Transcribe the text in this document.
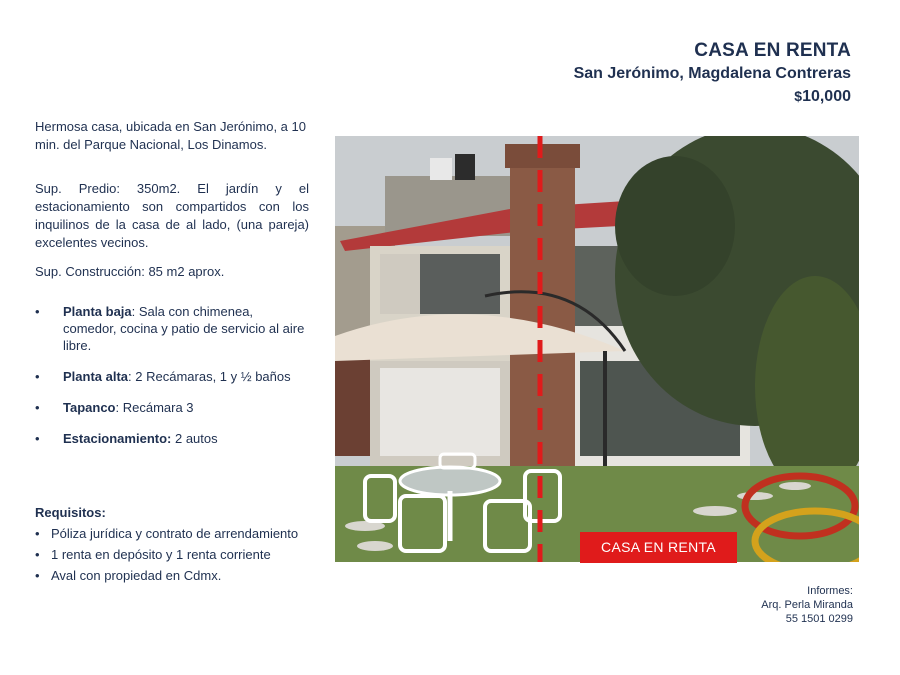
CASA EN RENTA
San Jerónimo, Magdalena Contreras
$10,000

Hermosa casa, ubicada en San Jerónimo, a 10 min. del Parque Nacional, Los Dinamos.

Sup. Predio: 350m2. El jardín y el estacionamiento son compartidos con los inquilinos de la casa de al lado, (una pareja) excelentes vecinos.

Sup. Construcción: 85 m2 aprox.

• Planta baja: Sala con chimenea, comedor, cocina y patio de servicio al aire libre.
• Planta alta: 2 Recámaras, 1 y ½ baños
• Tapanco: Recámara 3
• Estacionamiento: 2 autos
Requisitos:
• Póliza jurídica y contrato de arrendamiento
• 1 renta en depósito y 1 renta corriente
• Aval con propiedad en Cdmx.
CASA EN RENTA
Informes:
Arq. Perla Miranda
55 1501 0299
